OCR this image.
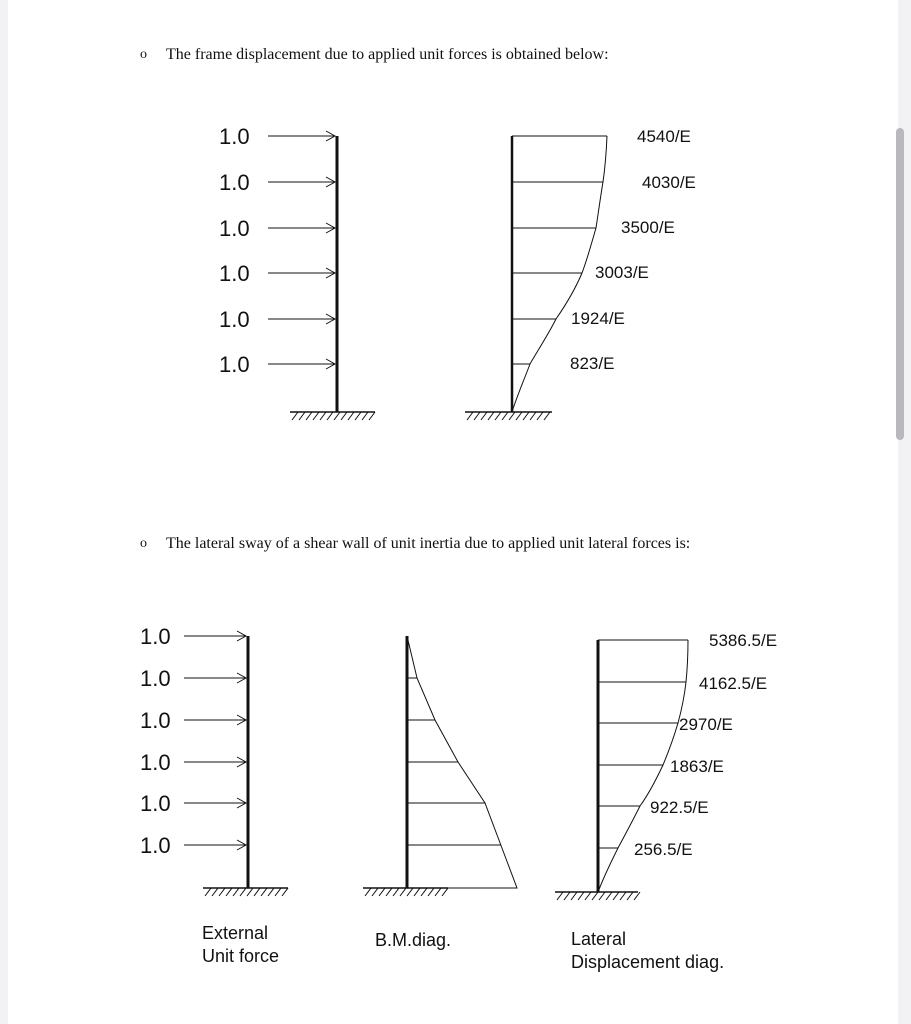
o The frame displacement due to applied unit forces is obtained below:
o The lateral sway of a shear wall of unit inertia due to applied unit lateral forces is:
1.0
1.0
1.0
1.0
1.0
1.0
4540/E
4030/E
3500/E
3003/E
1924/E
823/E
1.0
1.0
1.0
1.0
1.0
1.0
5386.5/E
4162.5/E
2970/E
1863/E
922.5/E
256.5/E
External
Unit force
B.M.diag.	Lateral
Displacement diag.
